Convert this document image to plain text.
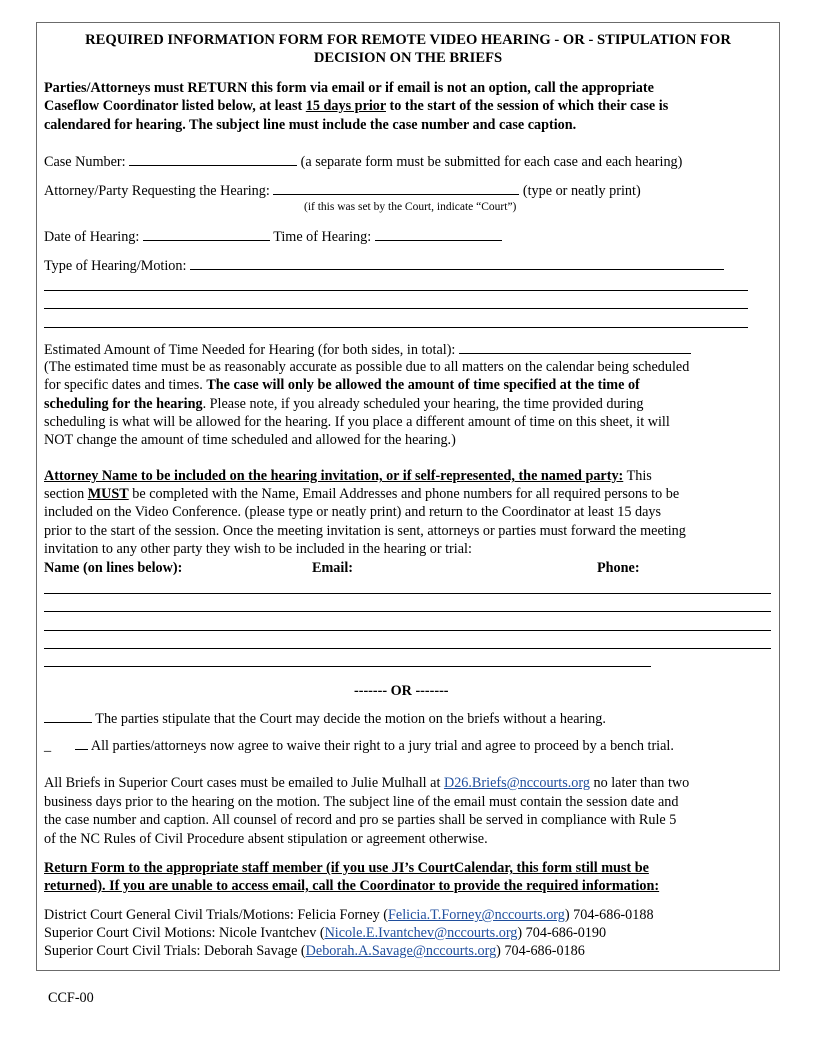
REQUIRED INFORMATION FORM FOR REMOTE VIDEO HEARING - OR - STIPULATION FOR
DECISION ON THE BRIEFS
Parties/Attorneys must RETURN this form via email or if email is not an option, call the appropriate
Caseflow Coordinator listed below, at least 15 days prior to the start of the session of which their case is
calendared for hearing. The subject line must include the case number and case caption.
Case Number:	(a separate form must be submitted for each case and each hearing)
Attorney/Party Requesting the Hearing:	(type or neatly print)
(if this was set by the Court, indicate “Court”)
Date of Hearing:	Time of Hearing:
Type of Hearing/Motion:
Estimated Amount of Time Needed for Hearing (for both sides, in total):
(The estimated time must be as reasonably accurate as possible due to all matters on the calendar being scheduled
for specific dates and times. The case will only be allowed the amount of time specified at the time of
scheduling for the hearing. Please note, if you already scheduled your hearing, the time provided during
scheduling is what will be allowed for the hearing. If you place a different amount of time on this sheet, it will
NOT change the amount of time scheduled and allowed for the hearing.)
Attorney Name to be included on the hearing invitation, or if self-represented, the named party: This
section MUST be completed with the Name, Email Addresses and phone numbers for all required persons to be
included on the Video Conference. (please type or neatly print) and return to the Coordinator at least 15 days
prior to the start of the session. Once the meeting invitation is sent, attorneys or parties must forward the meeting
invitation to any other party they wish to be included in the hearing or trial:
Name (on lines below):	Email:	Phone:
------- OR -------
The parties stipulate that the Court may decide the motion on the briefs without a hearing.
_	All parties/attorneys now agree to waive their right to a jury trial and agree to proceed by a bench trial.
All Briefs in Superior Court cases must be emailed to Julie Mulhall at D26.Briefs@nccourts.org no later than two
business days prior to the hearing on the motion. The subject line of the email must contain the session date and
the case number and caption. All counsel of record and pro se parties shall be served in compliance with Rule 5
of the NC Rules of Civil Procedure absent stipulation or agreement otherwise.
Return Form to the appropriate staff member (if you use JI’s CourtCalendar, this form still must be
returned). If you are unable to access email, call the Coordinator to provide the required information:
District Court General Civil Trials/Motions: Felicia Forney (Felicia.T.Forney@nccourts.org) 704-686-0188
Superior Court Civil Motions: Nicole Ivantchev (Nicole.E.Ivantchev@nccourts.org) 704-686-0190
Superior Court Civil Trials: Deborah Savage (Deborah.A.Savage@nccourts.org) 704-686-0186
CCF-00
